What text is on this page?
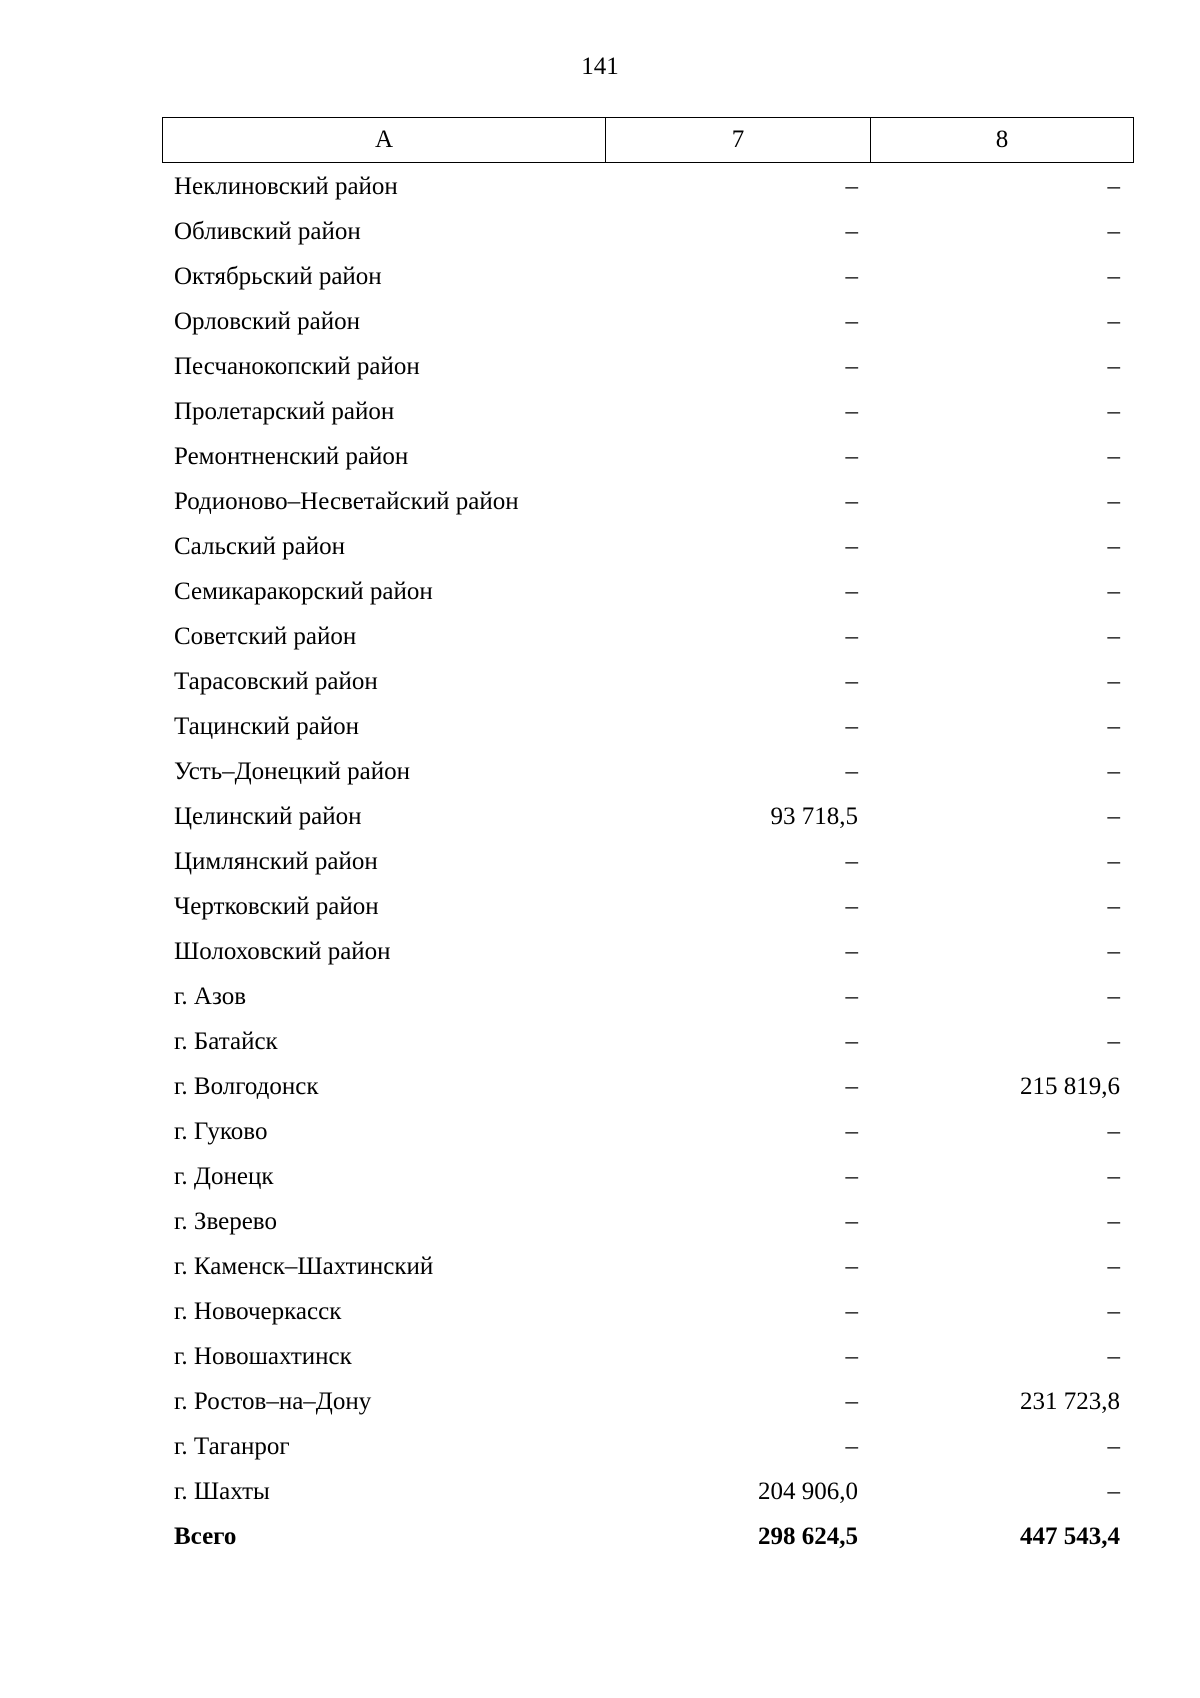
141
А	7	8
Неклиновский район	–	–
Обливский район	–	–
Октябрьский район	–	–
Орловский район	–	–
Песчанокопский район	–	–
Пролетарский район	–	–
Ремонтненский район	–	–
Родионово–Несветайский район	–	–
Сальский район	–	–
Семикаракорский район	–	–
Советский район	–	–
Тарасовский район	–	–
Тацинский район	–	–
Усть–Донецкий район	–	–
Целинский район	93 718,5	–
Цимлянский район	–	–
Чертковский район	–	–
Шолоховский район	–	–
г. Азов	–	–
г. Батайск	–	–
г. Волгодонск	–	215 819,6
г. Гуково	–	–
г. Донецк	–	–
г. Зверево	–	–
г. Каменск–Шахтинский	–	–
г. Новочеркасск	–	–
г. Новошахтинск	–	–
г. Ростов–на–Дону	–	231 723,8
г. Таганрог	–	–
г. Шахты	204 906,0	–
Всего	298 624,5	447 543,4
